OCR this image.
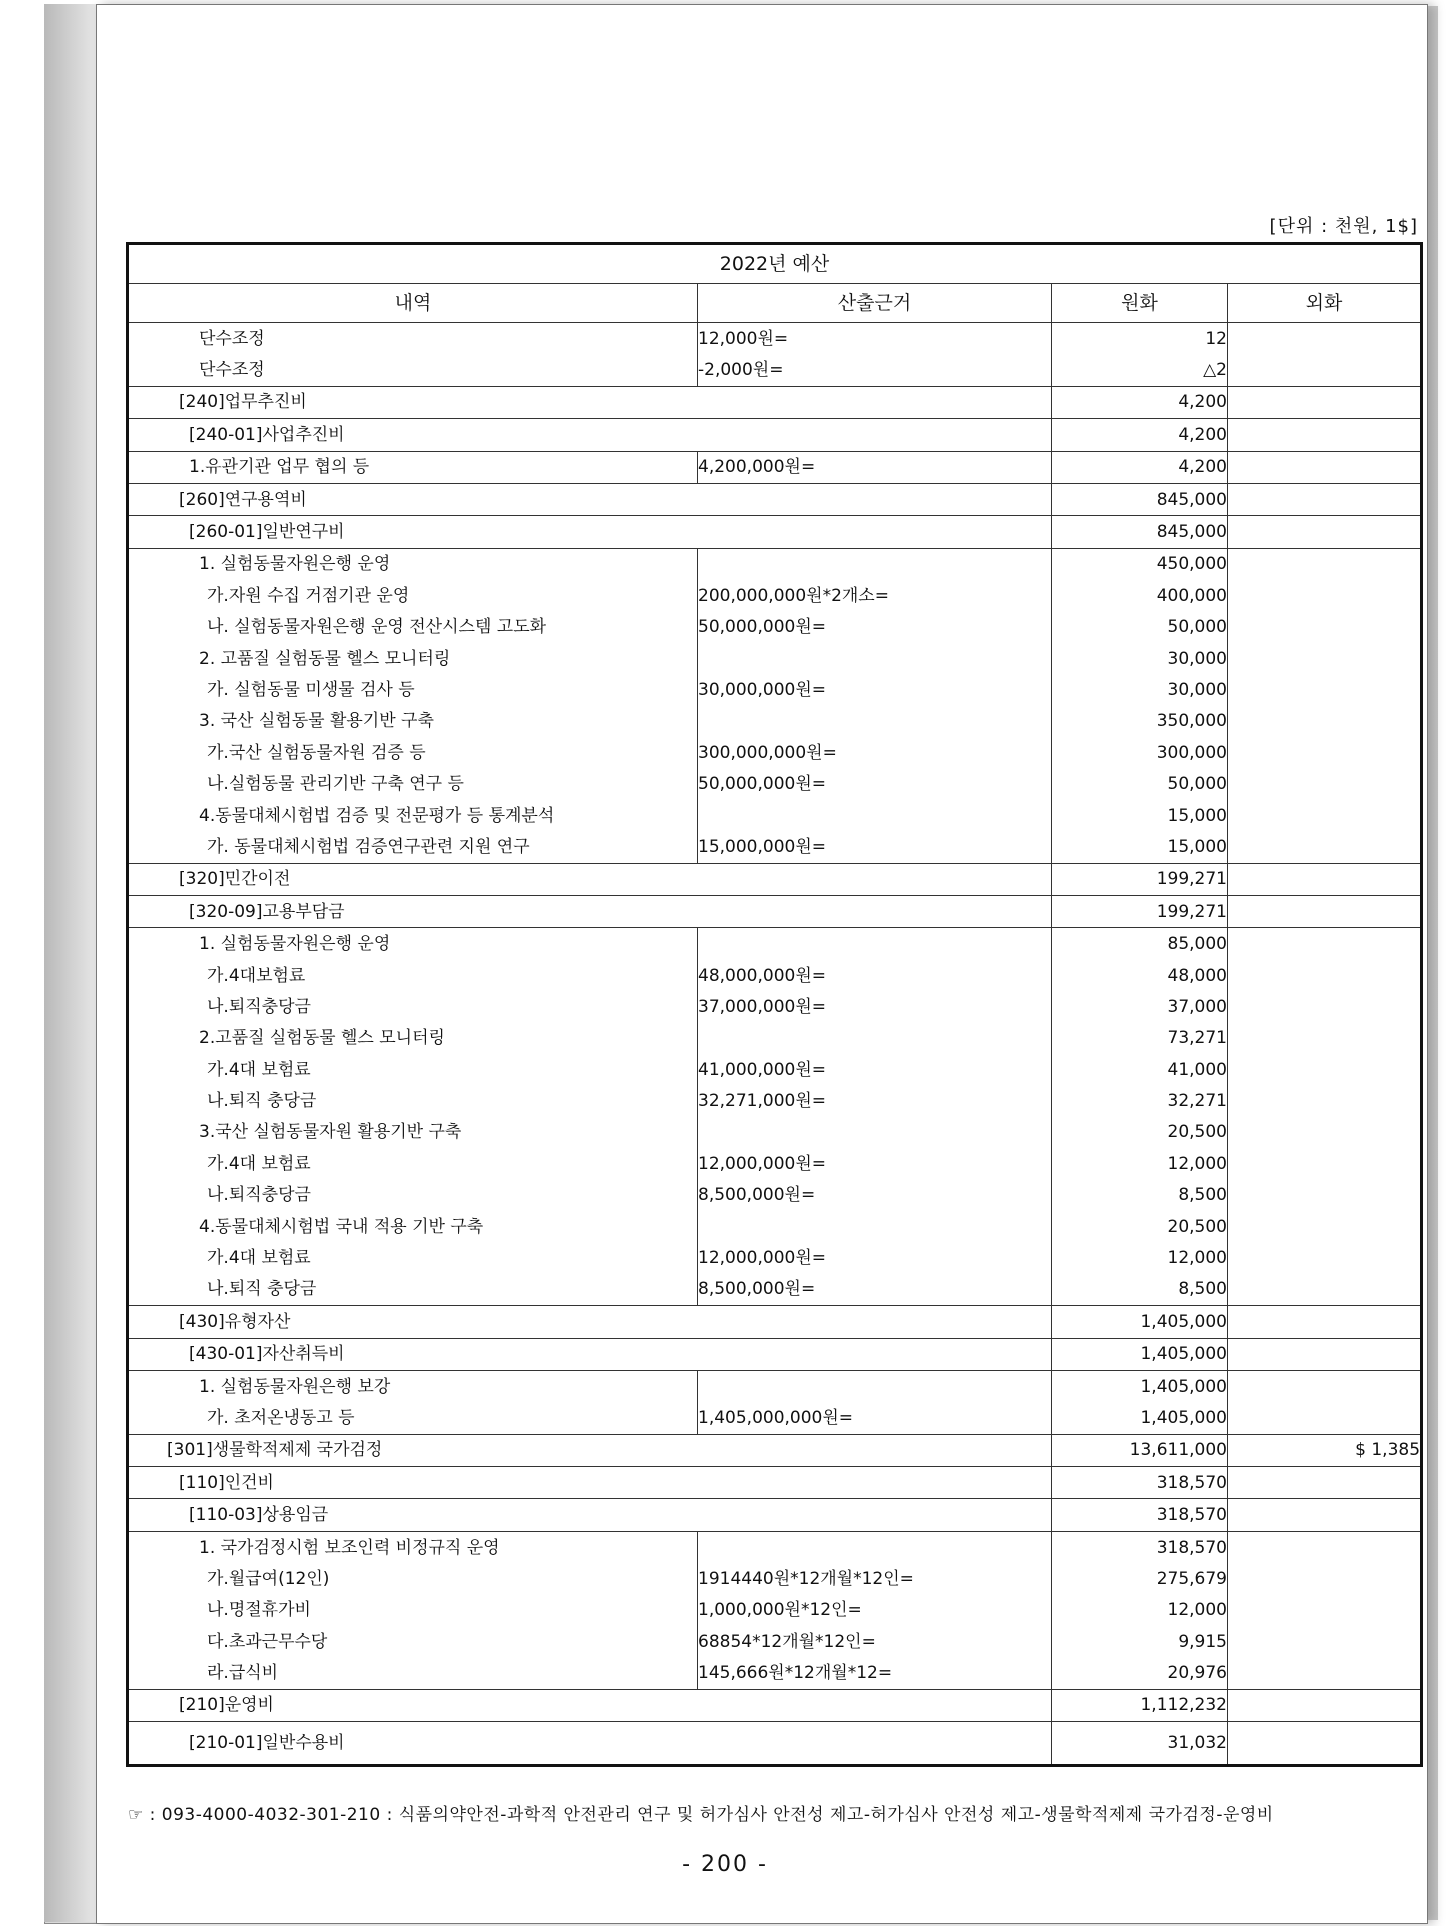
[단위 : 천원, 1$]
2022년 예산			
내역	산출근거	원화	외화
단수조정	12,000원=	12	
단수조정	-2,000원=	△2	
[240]업무추진비		4,200	
[240-01]사업추진비		4,200	
1.유관기관 업무 협의 등	4,200,000원=	4,200	
[260]연구용역비		845,000	
[260-01]일반연구비		845,000	
1. 실험동물자원은행 운영		450,000	
가.자원 수집 거점기관 운영	200,000,000원*2개소=	400,000	
나. 실험동물자원은행 운영 전산시스템 고도화	50,000,000원=	50,000	
2. 고품질 실험동물 헬스 모니터링		30,000	
가. 실험동물 미생물 검사 등	30,000,000원=	30,000	
3. 국산 실험동물 활용기반 구축		350,000	
가.국산 실험동물자원 검증 등	300,000,000원=	300,000	
나.실험동물 관리기반 구축 연구 등	50,000,000원=	50,000	
4.동물대체시험법 검증 및 전문평가 등 통계분석		15,000	
가. 동물대체시험법 검증연구관련 지원 연구	15,000,000원=	15,000	
[320]민간이전		199,271	
[320-09]고용부담금		199,271	
1. 실험동물자원은행 운영		85,000	
가.4대보험료	48,000,000원=	48,000	
나.퇴직충당금	37,000,000원=	37,000	
2.고품질 실험동물 헬스 모니터링		73,271	
가.4대 보험료	41,000,000원=	41,000	
나.퇴직 충당금	32,271,000원=	32,271	
3.국산 실험동물자원 활용기반 구축		20,500	
가.4대 보험료	12,000,000원=	12,000	
나.퇴직충당금	8,500,000원=	8,500	
4.동물대체시험법 국내 적용 기반 구축		20,500	
가.4대 보험료	12,000,000원=	12,000	
나.퇴직 충당금	8,500,000원=	8,500	
[430]유형자산		1,405,000	
[430-01]자산취득비		1,405,000	
1. 실험동물자원은행 보강		1,405,000	
가. 초저온냉동고 등	1,405,000,000원=	1,405,000	
[301]생물학적제제 국가검정		13,611,000	$ 1,385
[110]인건비		318,570	
[110-03]상용임금		318,570	
1. 국가검정시험 보조인력 비정규직 운영		318,570	
가.월급여(12인)	1914440원*12개월*12인=	275,679	
나.명절휴가비	1,000,000원*12인=	12,000	
다.초과근무수당	68854*12개월*12인=	9,915	
라.급식비	145,666원*12개월*12=	20,976	
[210]운영비		1,112,232	
[210-01]일반수용비		31,032	
☞ : 093-4000-4032-301-210 : 식품의약안전-과학적 안전관리 연구 및 허가심사 안전성 제고-허가심사 안전성 제고-생물학적제제 국가검정-운영비
- 200 -
